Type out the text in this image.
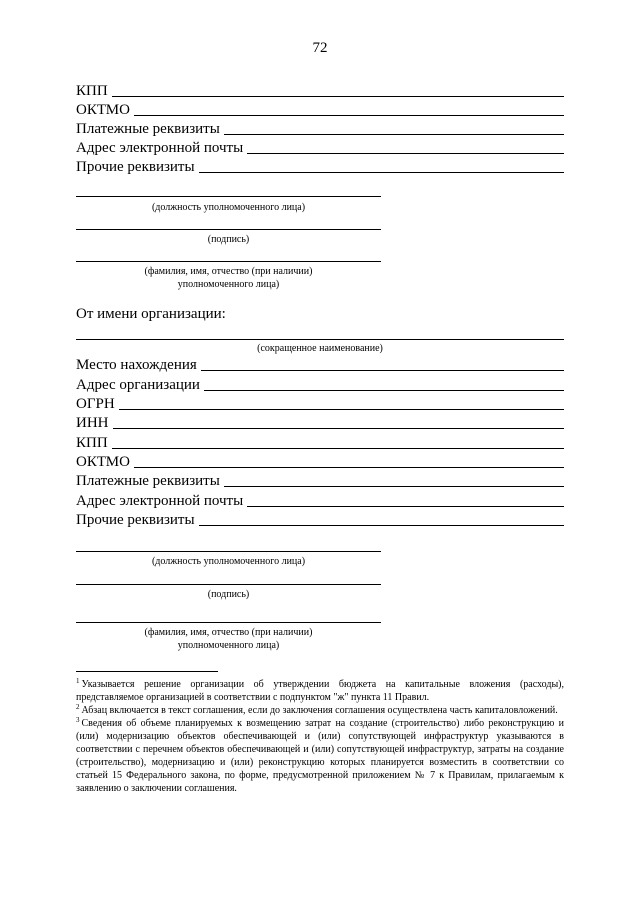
72
КПП
ОКТМО
Платежные реквизиты
Адрес электронной почты
Прочие реквизиты
(должность уполномоченного лица)
(подпись)
(фамилия, имя, отчество (при наличии)
уполномоченного лица)
От имени организации:
(сокращенное наименование)
Место нахождения
Адрес организации
ОГРН
ИНН
КПП
ОКТМО
Платежные реквизиты
Адрес электронной почты
Прочие реквизиты
(должность уполномоченного лица)
(подпись)
(фамилия, имя, отчество (при наличии)
уполномоченного лица)

$^1$ Указывается решение организации об утверждении бюджета на капитальные вложения (расходы), представляемое организацией в соответствии с подпунктом "ж" пункта 11 Правил.

$^2$ Абзац включается в текст соглашения, если до заключения соглашения осуществлена часть капиталовложений.

$^3$ Сведения об объеме планируемых к возмещению затрат на создание (строительство) либо реконструкцию и (или) модернизацию объектов обеспечивающей и (или) сопутствующей инфраструктур указываются в соответствии с перечнем объектов обеспечивающей и (или) сопутствующей инфраструктур, затраты на создание (строительство), модернизацию и (или) реконструкцию которых планируется возместить в соответствии со статьей 15 Федерального закона, по форме, предусмотренной приложением № 7 к Правилам, прилагаемым к заявлению о заключении соглашения.
